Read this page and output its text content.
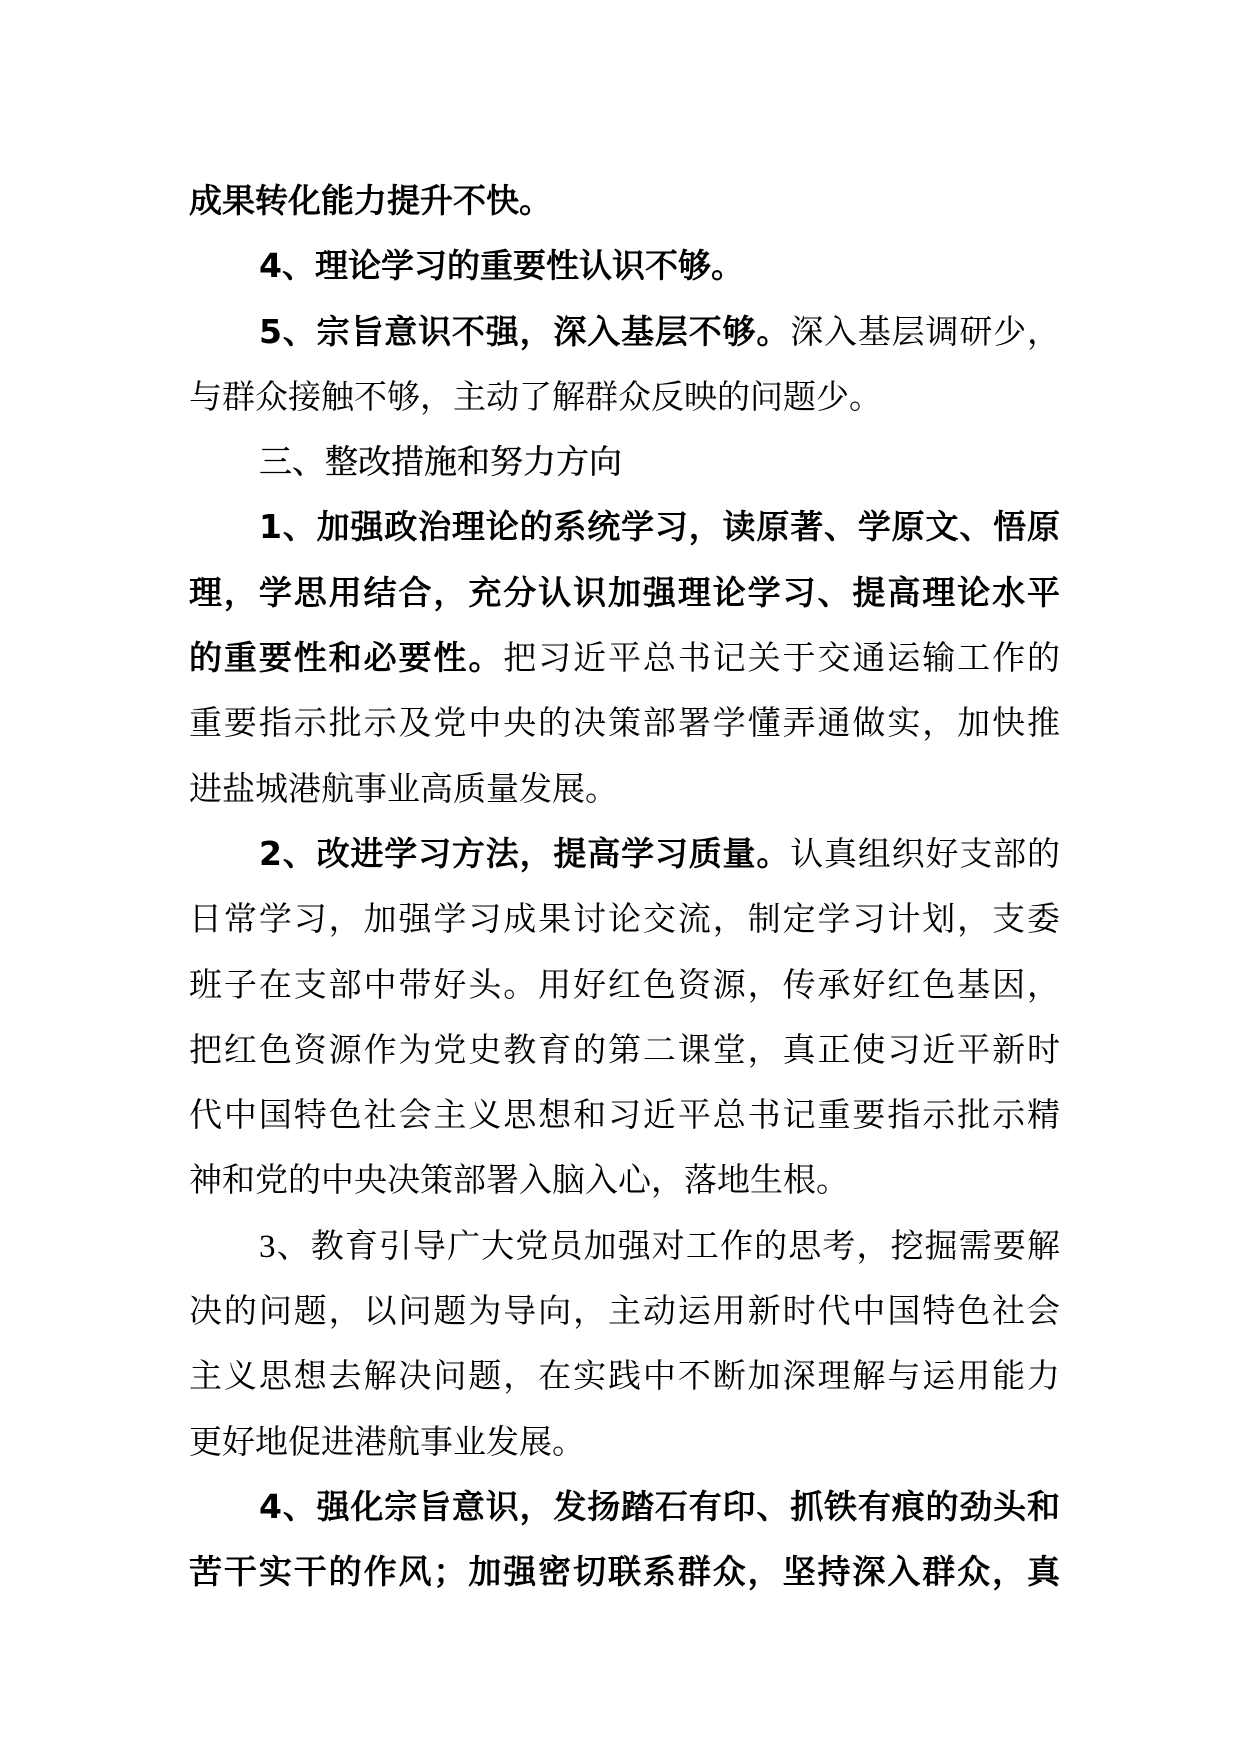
成果转化能力提升不快。
4、理论学习的重要性认识不够。
5、宗旨意识不强，深入基层不够。深入基层调研少，
与群众接触不够，主动了解群众反映的问题少。
三、整改措施和努力方向
1、加强政治理论的系统学习，读原著、学原文、悟原
理，学思用结合，充分认识加强理论学习、提高理论水平
的重要性和必要性。把习近平总书记关于交通运输工作的
重要指示批示及党中央的决策部署学懂弄通做实，加快推
进盐城港航事业高质量发展。
2、改进学习方法，提高学习质量。认真组织好支部的
日常学习，加强学习成果讨论交流，制定学习计划，支委
班子在支部中带好头。用好红色资源，传承好红色基因，
把红色资源作为党史教育的第二课堂，真正使习近平新时
代中国特色社会主义思想和习近平总书记重要指示批示精
神和党的中央决策部署入脑入心，落地生根。
3、教育引导广大党员加强对工作的思考，挖掘需要解
决的问题，以问题为导向，主动运用新时代中国特色社会
主义思想去解决问题，在实践中不断加深理解与运用能力
更好地促进港航事业发展。
4、强化宗旨意识，发扬踏石有印、抓铁有痕的劲头和
苦干实干的作风；加强密切联系群众，坚持深入群众，真
